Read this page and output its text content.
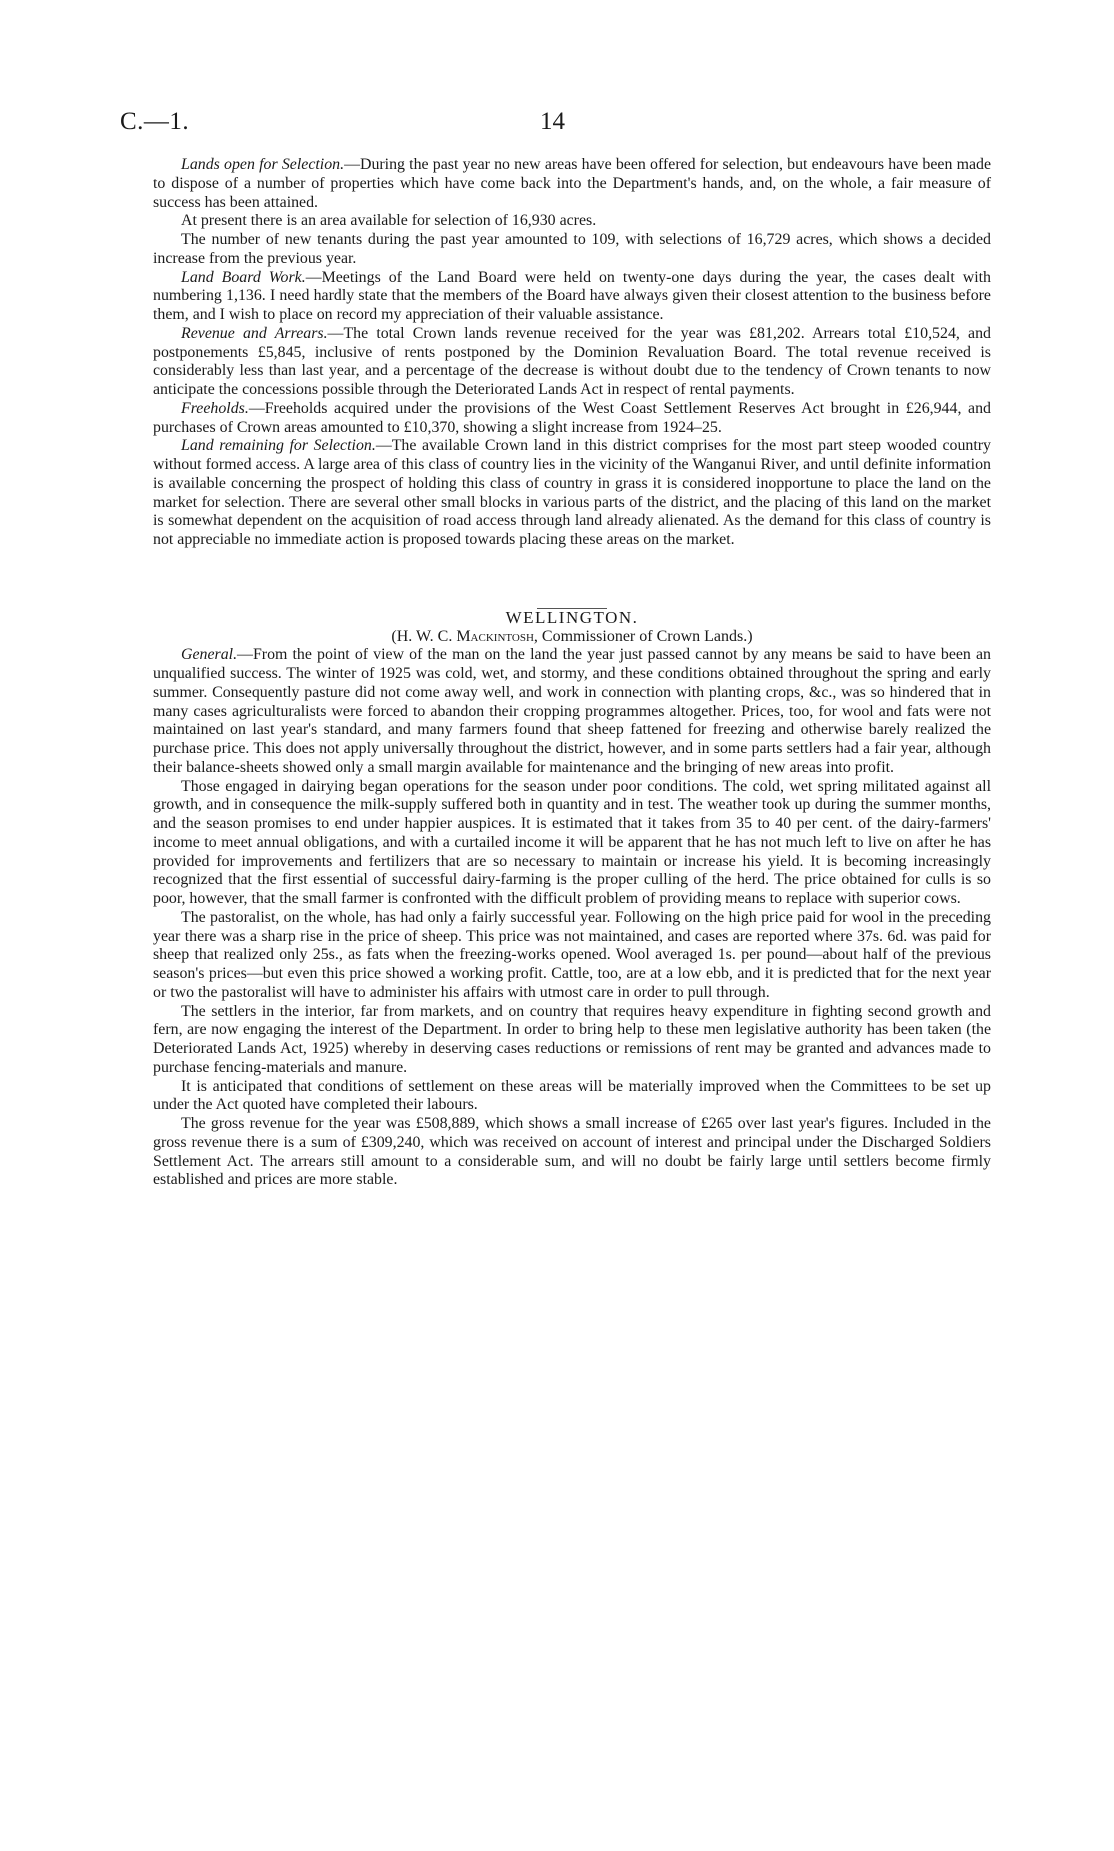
C.—1.	14

Lands open for Selection.—During the past year no new areas have been offered for selection, but endeavours have been made to dispose of a number of properties which have come back into the Department's hands, and, on the whole, a fair measure of success has been attained.

At present there is an area available for selection of 16,930 acres.

The number of new tenants during the past year amounted to 109, with selections of 16,729 acres, which shows a decided increase from the previous year.

Land Board Work.—Meetings of the Land Board were held on twenty-one days during the year, the cases dealt with numbering 1,136. I need hardly state that the members of the Board have always given their closest attention to the business before them, and I wish to place on record my appreciation of their valuable assistance.

Revenue and Arrears.—The total Crown lands revenue received for the year was £81,202. Arrears total £10,524, and postponements £5,845, inclusive of rents postponed by the Dominion Revaluation Board. The total revenue received is considerably less than last year, and a percentage of the decrease is without doubt due to the tendency of Crown tenants to now anticipate the concessions possible through the Deteriorated Lands Act in respect of rental payments.

Freeholds.—Freeholds acquired under the provisions of the West Coast Settlement Reserves Act brought in £26,944, and purchases of Crown areas amounted to £10,370, showing a slight increase from 1924–25.

Land remaining for Selection.—The available Crown land in this district comprises for the most part steep wooded country without formed access. A large area of this class of country lies in the vicinity of the Wanganui River, and until definite information is available concerning the prospect of holding this class of country in grass it is considered inopportune to place the land on the market for selection. There are several other small blocks in various parts of the district, and the placing of this land on the market is somewhat dependent on the acquisition of road access through land already alienated. As the demand for this class of country is not appreciable no immediate action is proposed towards placing these areas on the market.

WELLINGTON.

(H. W. C. Mackintosh, Commissioner of Crown Lands.)

General.—From the point of view of the man on the land the year just passed cannot by any means be said to have been an unqualified success. The winter of 1925 was cold, wet, and stormy, and these conditions obtained throughout the spring and early summer. Consequently pasture did not come away well, and work in connection with planting crops, &c., was so hindered that in many cases agriculturalists were forced to abandon their cropping programmes altogether. Prices, too, for wool and fats were not maintained on last year's standard, and many farmers found that sheep fattened for freezing and otherwise barely realized the purchase price. This does not apply universally throughout the district, however, and in some parts settlers had a fair year, although their balance-sheets showed only a small margin available for maintenance and the bringing of new areas into profit.

Those engaged in dairying began operations for the season under poor conditions. The cold, wet spring militated against all growth, and in consequence the milk-supply suffered both in quantity and in test. The weather took up during the summer months, and the season promises to end under happier auspices. It is estimated that it takes from 35 to 40 per cent. of the dairy-farmers' income to meet annual obligations, and with a curtailed income it will be apparent that he has not much left to live on after he has provided for improvements and fertilizers that are so necessary to maintain or increase his yield. It is becoming increasingly recognized that the first essential of successful dairy-farming is the proper culling of the herd. The price obtained for culls is so poor, however, that the small farmer is confronted with the difficult problem of providing means to replace with superior cows.

The pastoralist, on the whole, has had only a fairly successful year. Following on the high price paid for wool in the preceding year there was a sharp rise in the price of sheep. This price was not maintained, and cases are reported where 37s. 6d. was paid for sheep that realized only 25s., as fats when the freezing-works opened. Wool averaged 1s. per pound—about half of the previous season's prices—but even this price showed a working profit. Cattle, too, are at a low ebb, and it is predicted that for the next year or two the pastoralist will have to administer his affairs with utmost care in order to pull through.

The settlers in the interior, far from markets, and on country that requires heavy expenditure in fighting second growth and fern, are now engaging the interest of the Department. In order to bring help to these men legislative authority has been taken (the Deteriorated Lands Act, 1925) whereby in deserving cases reductions or remissions of rent may be granted and advances made to purchase fencing-materials and manure.

It is anticipated that conditions of settlement on these areas will be materially improved when the Committees to be set up under the Act quoted have completed their labours.

The gross revenue for the year was £508,889, which shows a small increase of £265 over last year's figures. Included in the gross revenue there is a sum of £309,240, which was received on account of interest and principal under the Discharged Soldiers Settlement Act. The arrears still amount to a considerable sum, and will no doubt be fairly large until settlers become firmly established and prices are more stable.
